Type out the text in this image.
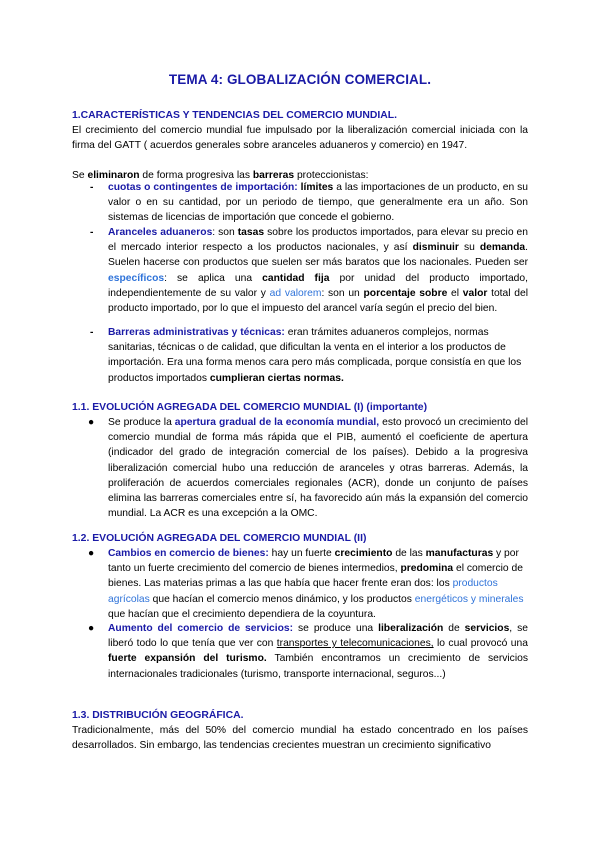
TEMA 4: GLOBALIZACIÓN COMERCIAL.
1.CARACTERÍSTICAS Y TENDENCIAS DEL COMERCIO MUNDIAL.
El crecimiento del comercio mundial fue impulsado por la liberalización comercial iniciada con la firma del GATT ( acuerdos generales sobre aranceles aduaneros y comercio) en 1947.
Se eliminaron de forma progresiva las barreras proteccionistas:
- cuotas o contingentes de importación: límites a las importaciones de un producto, en su valor o en su cantidad, por un periodo de tiempo, que generalmente era un año. Son sistemas de licencias de importación que concede el gobierno.
- Aranceles aduaneros: son tasas sobre los productos importados, para elevar su precio en el mercado interior respecto a los productos nacionales, y así disminuir su demanda. Suelen hacerse con productos que suelen ser más baratos que los nacionales. Pueden ser específicos: se aplica una cantidad fija por unidad del producto importado, independientemente de su valor y ad valorem: son un porcentaje sobre el valor total del producto importado, por lo que el impuesto del arancel varía según el precio del bien.
- Barreras administrativas y técnicas: eran trámites aduaneros complejos, normas sanitarias, técnicas o de calidad, que dificultan la venta en el interior a los productos de importación. Era una forma menos cara pero más complicada, porque consistía en que los productos importados cumplieran ciertas normas.
1.1. EVOLUCIÓN AGREGADA DEL COMERCIO MUNDIAL (I) (importante)
● Se produce la apertura gradual de la economía mundial, esto provocó un crecimiento del comercio mundial de forma más rápida que el PIB, aumentó el coeficiente de apertura (indicador del grado de integración comercial de los países). Debido a la progresiva liberalización comercial hubo una reducción de aranceles y otras barreras. Además, la proliferación de acuerdos comerciales regionales (ACR), donde un conjunto de países elimina las barreras comerciales entre sí, ha favorecido aún más la expansión del comercio mundial. La ACR es una excepción a la OMC.
1.2. EVOLUCIÓN AGREGADA DEL COMERCIO MUNDIAL (II)
● Cambios en comercio de bienes: hay un fuerte crecimiento de las manufacturas y por tanto un fuerte crecimiento del comercio de bienes intermedios, predomina el comercio de bienes. Las materias primas a las que había que hacer frente eran dos: los productos agrícolas que hacían el comercio menos dinámico, y los productos energéticos y minerales que hacían que el crecimiento dependiera de la coyuntura.
● Aumento del comercio de servicios: se produce una liberalización de servicios, se liberó todo lo que tenía que ver con transportes y telecomunicaciones, lo cual provocó una fuerte expansión del turismo. También encontramos un crecimiento de servicios internacionales tradicionales (turismo, transporte internacional, seguros...)
1.3. DISTRIBUCIÓN GEOGRÁFICA.
Tradicionalmente, más del 50% del comercio mundial ha estado concentrado en los países desarrollados. Sin embargo, las tendencias crecientes muestran un crecimiento significativo
